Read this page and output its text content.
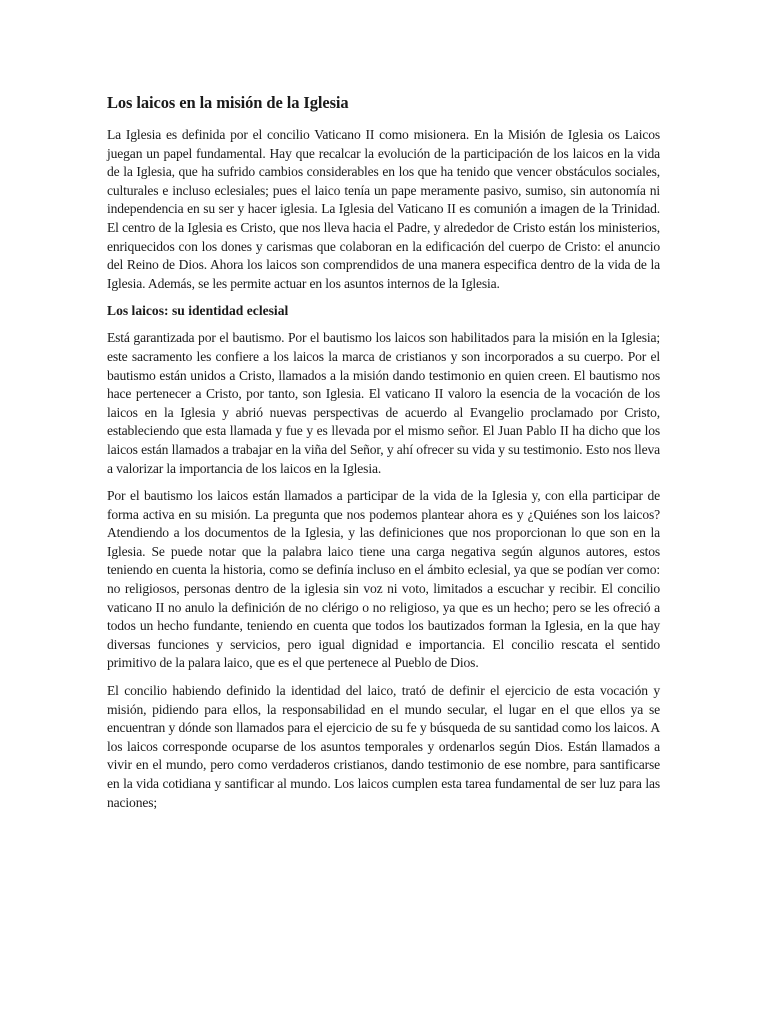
Los laicos en la misión de la Iglesia

La Iglesia es definida por el concilio Vaticano II como misionera. En la Misión de Iglesia os Laicos juegan un papel fundamental. Hay que recalcar la evolución de la participación de los laicos en la vida de la Iglesia, que ha sufrido cambios considerables en los que ha tenido que vencer obstáculos sociales, culturales e incluso eclesiales; pues el laico tenía un pape meramente pasivo, sumiso, sin autonomía ni independencia en su ser y hacer iglesia. La Iglesia del Vaticano II es comunión a imagen de la Trinidad. El centro de la Iglesia es Cristo, que nos lleva hacia el Padre, y alrededor de Cristo están los ministerios, enriquecidos con los dones y carismas que colaboran en la edificación del cuerpo de Cristo: el anuncio del Reino de Dios. Ahora los laicos son comprendidos de una manera especifica dentro de la vida de la Iglesia. Además, se les permite actuar en los asuntos internos de la Iglesia.

Los laicos: su identidad eclesial

Está garantizada por el bautismo. Por el bautismo los laicos son habilitados para la misión en la Iglesia; este sacramento les confiere a los laicos la marca de cristianos y son incorporados a su cuerpo. Por el bautismo están unidos a Cristo, llamados a la misión dando testimonio en quien creen. El bautismo nos hace pertenecer a Cristo, por tanto, son Iglesia. El vaticano II valoro la esencia de la vocación de los laicos en la Iglesia y abrió nuevas perspectivas de acuerdo al Evangelio proclamado por Cristo, estableciendo que esta llamada y fue y es llevada por el mismo señor. El Juan Pablo II ha dicho que los laicos están llamados a trabajar en la viña del Señor, y ahí ofrecer su vida y su testimonio. Esto nos lleva a valorizar la importancia de los laicos en la Iglesia.

Por el bautismo los laicos están llamados a participar de la vida de la Iglesia y, con ella participar de forma activa en su misión. La pregunta que nos podemos plantear ahora es y ¿Quiénes son los laicos? Atendiendo a los documentos de la Iglesia, y las definiciones que nos proporcionan lo que son en la Iglesia. Se puede notar que la palabra laico tiene una carga negativa según algunos autores, estos teniendo en cuenta la historia, como se definía incluso en el ámbito eclesial, ya que se podían ver como: no religiosos, personas dentro de la iglesia sin voz ni voto, limitados a escuchar y recibir. El concilio vaticano II no anulo la definición de no clérigo o no religioso, ya que es un hecho; pero se les ofreció a todos un hecho fundante, teniendo en cuenta que todos los bautizados forman la Iglesia, en la que hay diversas funciones y servicios, pero igual dignidad e importancia. El concilio rescata el sentido primitivo de la palara laico, que es el que pertenece al Pueblo de Dios.

El concilio habiendo definido la identidad del laico, trató de definir el ejercicio de esta vocación y misión, pidiendo para ellos, la responsabilidad en el mundo secular, el lugar en el que ellos ya se encuentran y dónde son llamados para el ejercicio de su fe y búsqueda de su santidad como los laicos. A los laicos corresponde ocuparse de los asuntos temporales y ordenarlos según Dios. Están llamados a vivir en el mundo, pero como verdaderos cristianos, dando testimonio de ese nombre, para santificarse en la vida cotidiana y santificar al mundo. Los laicos cumplen esta tarea fundamental de ser luz para las naciones;
